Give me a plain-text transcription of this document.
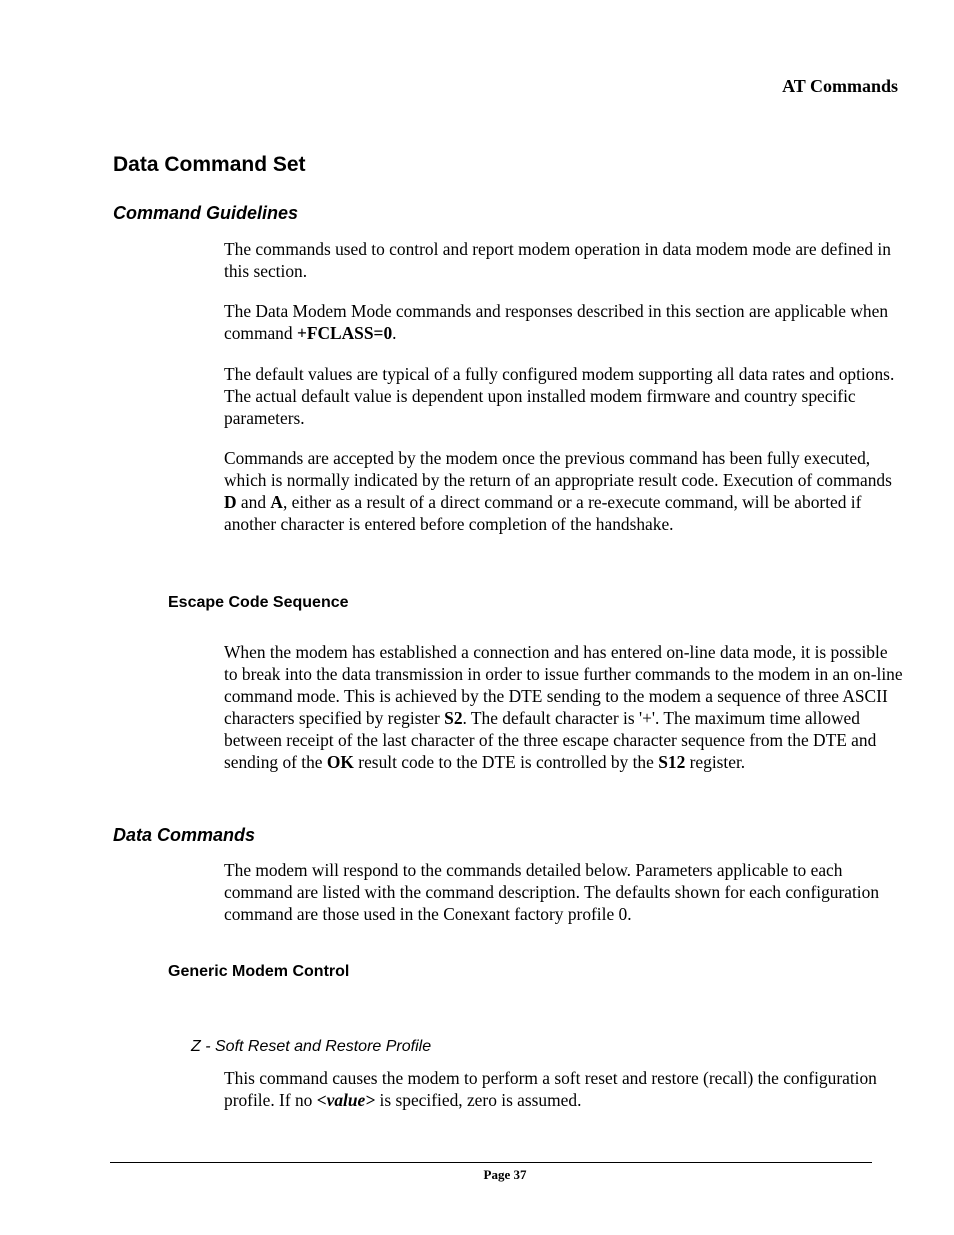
AT Commands
Data Command Set
Command Guidelines

The commands used to control and report modem operation in data modem mode are defined in this section.

The Data Modem Mode commands and responses described in this section are applicable when command +FCLASS=0.

The default values are typical of a fully configured modem supporting all data rates and options. The actual default value is dependent upon installed modem firmware and country specific parameters.

Commands are accepted by the modem once the previous command has been fully executed, which is normally indicated by the return of an appropriate result code. Execution of commands D and A, either as a result of a direct command or a re-execute command, will be aborted if another character is entered before completion of the handshake.

Escape Code Sequence

When the modem has established a connection and has entered on-line data mode, it is possible to break into the data transmission in order to issue further commands to the modem in an on-line command mode. This is achieved by the DTE sending to the modem a sequence of three ASCII characters specified by register S2. The default character is '+'. The maximum time allowed between receipt of the last character of the three escape character sequence from the DTE and sending of the OK result code to the DTE is controlled by the S12 register.

Data Commands

The modem will respond to the commands detailed below. Parameters applicable to each command are listed with the command description. The defaults shown for each configuration command are those used in the Conexant factory profile 0.

Generic Modem Control
Z - Soft Reset and Restore Profile

This command causes the modem to perform a soft reset and restore (recall) the configuration profile. If no <value> is specified, zero is assumed.

Page 37
